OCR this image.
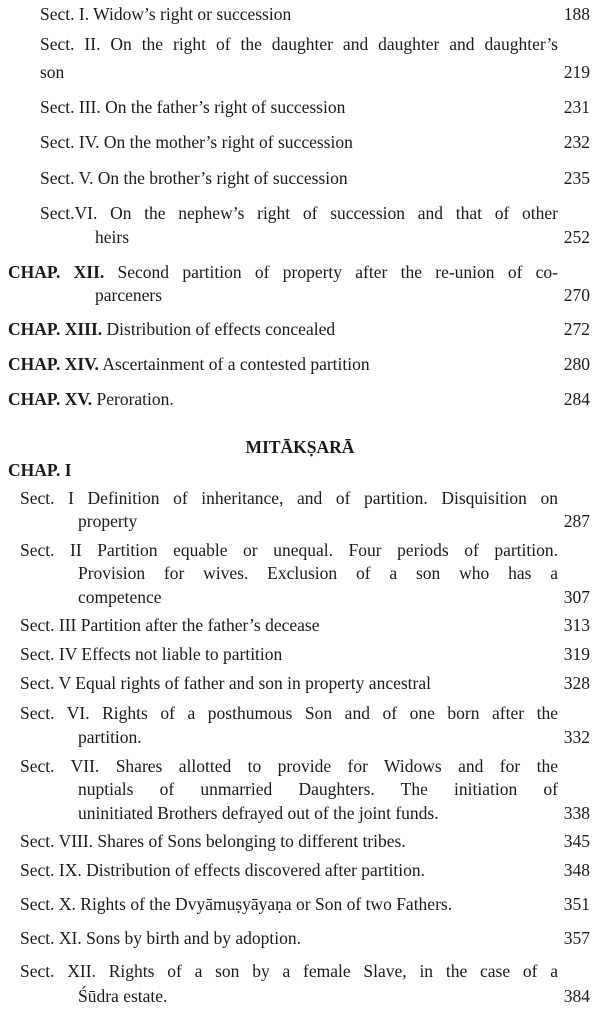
MITĀKṢARĀ
CHAP. I
Sect. I. Widow’s right or succession	188
Sect. II. On the right of the daughter and daughter and daughter’s
son	219
Sect. III. On the father’s right of succession	231
Sect. IV. On the mother’s right of succession	232
Sect. V. On the brother’s right of succession	235
Sect.VI. On the nephew’s right of succession and that of other
heirs	252
CHAP. XII. Second partition of property after the re-union of co-
parceners	270
CHAP. XIII. Distribution of effects concealed	272
CHAP. XIV. Ascertainment of a contested partition	280
CHAP. XV. Peroration.	284
Sect. I Definition of inheritance, and of partition. Disquisition on
property	287
Sect. II Partition equable or unequal. Four periods of partition.
Provision for wives. Exclusion of a son who has a
competence	307
Sect. III Partition after the father’s decease	313
Sect. IV Effects not liable to partition	319
Sect. V Equal rights of father and son in property ancestral	328
Sect. VI. Rights of a posthumous Son and of one born after the
partition.	332
Sect. VII. Shares allotted to provide for Widows and for the
nuptials of unmarried Daughters. The initiation of
uninitiated Brothers defrayed out of the joint funds.	338
Sect. VIII. Shares of Sons belonging to different tribes.	345
Sect. IX. Distribution of effects discovered after partition.	348
Sect. X. Rights of the Dvyāmuṣyāyaṇa or Son of two Fathers.	351
Sect. XI. Sons by birth and by adoption.	357
Sect. XII. Rights of a son by a female Slave, in the case of a
Śūdra estate.	384
